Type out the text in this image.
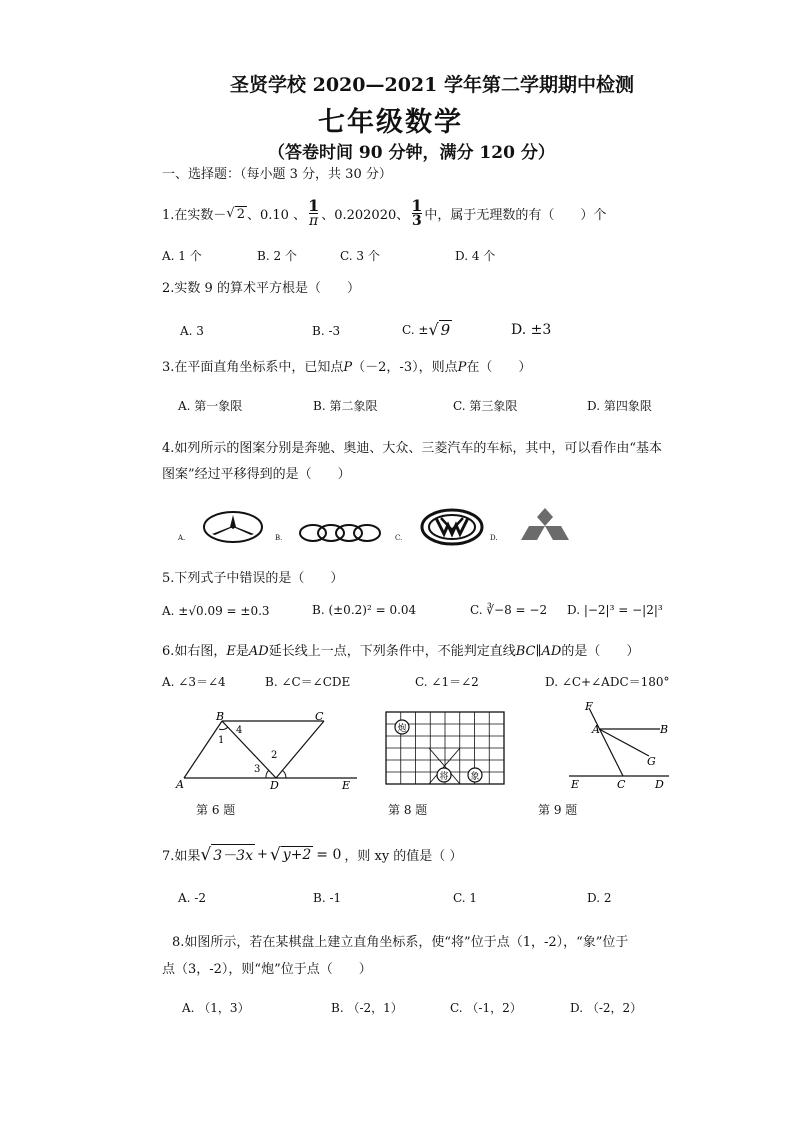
圣贤学校 2020—2021 学年第二学期期中检测
七年级数学
（答卷时间 90 分钟，满分 120 分）
一、选择题：（每小题 3 分，共 30 分）
1.在实数 － √ 2 、0.10 、 $\frac{1}{\pi}$ 、0.202020、 $\frac{1}{3}$ 中，属于无理数的有（　　）个
A. 1 个	B. 2 个	C. 3 个	D. 4 个
2.实数 9 的算术平方根是（　　）
A. 3	B. -3	C. ± √ 9	D. ±3
3.在平面直角坐标系中，已知点P（－2，-3），则点P在（　　）
A. 第一象限	B. 第二象限	C. 第三象限	D. 第四象限
4.如列所示的图案分别是奔驰、奥迪、大众、三菱汽车的车标，其中，可以看作由“基本
图案”经过平移得到的是（　　）
A.	B.	C.	D.
5.下列式子中错误的是（　　）
A. ±√0.09 = ±0.3	B. (±0.2)² = 0.04	C. ∛−8 = −2 D. |−2|³ = −|2|³
6.如右图，E是AD延长线上一点，下列条件中，不能判定直线BC∥AD的是（　　）
A. ∠3＝∠4	B. ∠C＝∠CDE	C. ∠1＝∠2	D. ∠C+∠ADC＝180°
B	C
1
4
2
3
A	D	E
第 6 题
炮
将 象
第 8 题
F
A	B
G
E	C	D
第 9 题
7.如果 √ 3－3x + √ y+2 = 0 ，则 xy 的值是（ ）
A. -2	B. -1	C. 1	D. 2
8.如图所示，若在某棋盘上建立直角坐标系，使“将”位于点（1，-2），“象”位于
点（3，-2），则“炮”位于点（　　）
A. （1，3）	B. （-2，1）	C. （-1，2）	D. （-2，2）
